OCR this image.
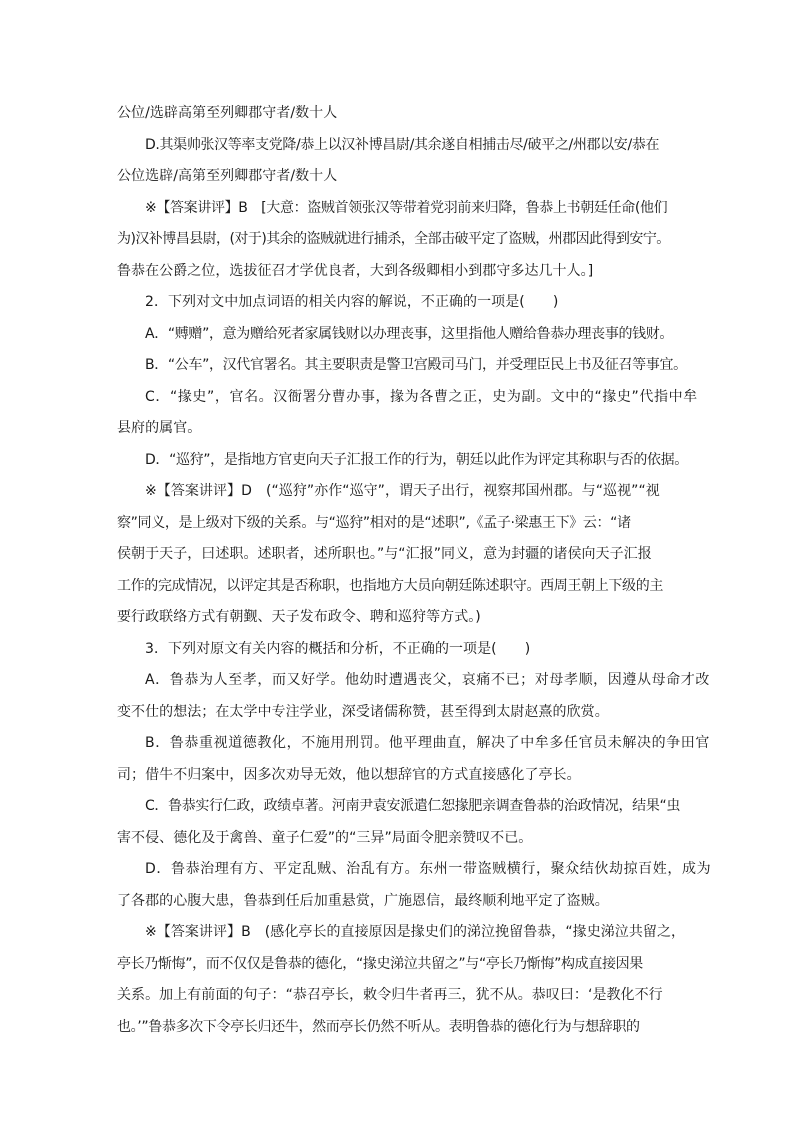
公位/选辟高第至列卿郡守者/数十人
D.其渠帅张汉等率支党降/恭上以汉补博昌尉/其余遂自相捕击尽/破平之/州郡以安/恭在
公位选辟/高第至列卿郡守者/数十人
※【答案讲评】B　[大意：盗贼首领张汉等带着党羽前来归降，鲁恭上书朝廷任命(他们
为)汉补博昌县尉，(对于)其余的盗贼就进行捕杀，全部击破平定了盗贼，州郡因此得到安宁。
鲁恭在公爵之位，选拔征召才学优良者，大到各级卿相小到郡守多达几十人。]
2．下列对文中加点词语的相关内容的解说，不正确的一项是(　　)
A．“赙赠”，意为赠给死者家属钱财以办理丧事，这里指他人赠给鲁恭办理丧事的钱财。
B．“公车”，汉代官署名。其主要职责是警卫宫殿司马门，并受理臣民上书及征召等事宜。
C．“掾史”，官名。汉衙署分曹办事，掾为各曹之正，史为副。文中的“掾史”代指中牟
县府的属官。
D．“巡狩”，是指地方官吏向天子汇报工作的行为，朝廷以此作为评定其称职与否的依据。
※【答案讲评】D　(“巡狩”亦作“巡守”，谓天子出行，视察邦国州郡。与“巡视”“视
察”同义，是上级对下级的关系。与“巡狩”相对的是“述职”,《孟子·梁惠王下》云：“诸
侯朝于天子，曰述职。述职者，述所职也。”与“汇报”同义，意为封疆的诸侯向天子汇报
工作的完成情况，以评定其是否称职，也指地方大员向朝廷陈述职守。西周王朝上下级的主
要行政联络方式有朝觐、天子发布政令、聘和巡狩等方式。)
3．下列对原文有关内容的概括和分析，不正确的一项是(　　)
A．鲁恭为人至孝，而又好学。他幼时遭遇丧父，哀痛不已；对母孝顺，因遵从母命才改
变不仕的想法；在太学中专注学业，深受诸儒称赞，甚至得到太尉赵熹的欣赏。
B．鲁恭重视道德教化，不施用刑罚。他平理曲直，解决了中牟多任官员未解决的争田官
司；借牛不归案中，因多次劝导无效，他以想辞官的方式直接感化了亭长。
C．鲁恭实行仁政，政绩卓著。河南尹袁安派遣仁恕掾肥亲调查鲁恭的治政情况，结果“虫
害不侵、德化及于禽兽、童子仁爱”的“三异”局面令肥亲赞叹不已。
D．鲁恭治理有方、平定乱贼、治乱有方。东州一带盗贼横行，聚众结伙劫掠百姓，成为
了各郡的心腹大患，鲁恭到任后加重悬赏，广施恩信，最终顺利地平定了盗贼。
※【答案讲评】B　(感化亭长的直接原因是掾史们的涕泣挽留鲁恭，“掾史涕泣共留之，
亭长乃惭悔”，而不仅仅是鲁恭的德化，“掾史涕泣共留之”与“亭长乃惭悔”构成直接因果
关系。加上有前面的句子：“恭召亭长，敕令归牛者再三，犹不从。恭叹曰：‘是教化不行
也。’”鲁恭多次下令亭长归还牛，然而亭长仍然不听从。表明鲁恭的德化行为与想辞职的
